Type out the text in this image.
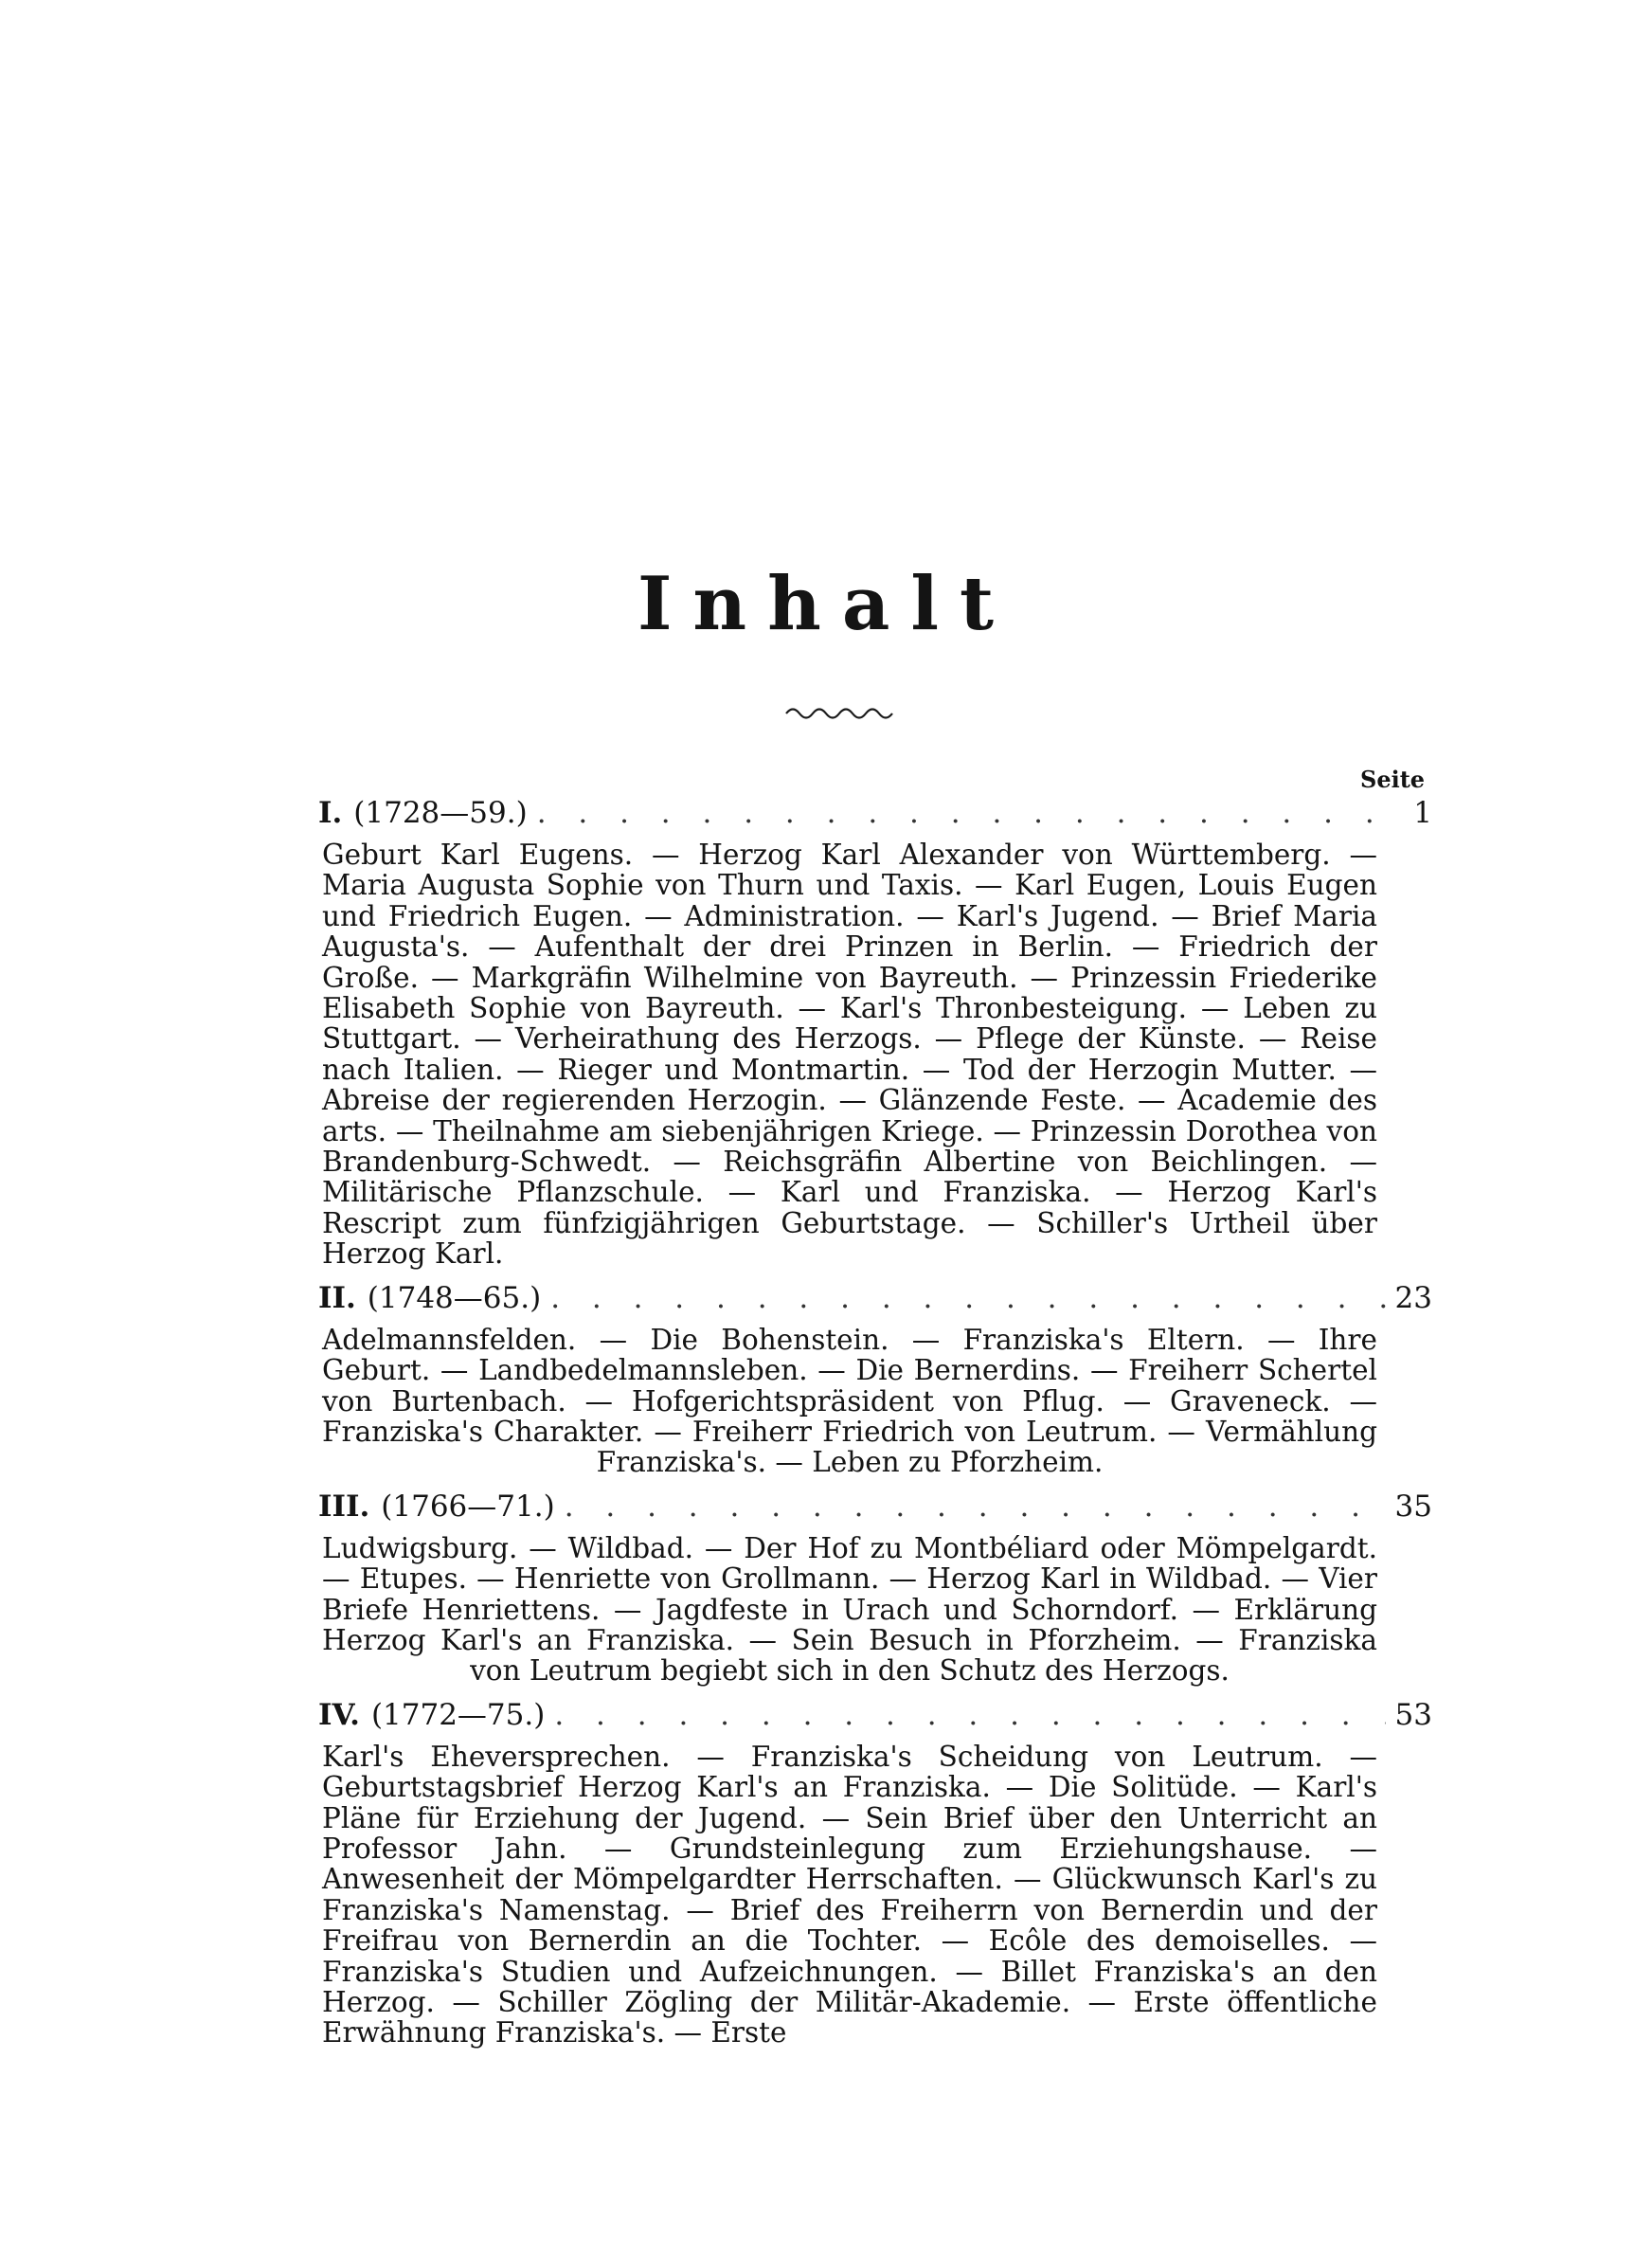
Inhalt
Seite
I. (1728—59.) . . .	1

Geburt Karl Eugens. — Herzog Karl Alexander von Württemberg. — Maria Augusta Sophie von Thurn und Taxis. — Karl Eugen, Louis Eugen und Friedrich Eugen. — Administration. — Karl's Jugend. — Brief Maria Augusta's. — Aufenthalt der drei Prinzen in Berlin. — Friedrich der Große. — Markgräfin Wilhelmine von Bayreuth. — Prinzessin Friederike Elisabeth Sophie von Bayreuth. — Karl's Thronbesteigung. — Leben zu Stuttgart. — Verheirathung des Herzogs. — Pflege der Künste. — Reise nach Italien. — Rieger und Montmartin. — Tod der Herzogin Mutter. — Abreise der regierenden Herzogin. — Glänzende Feste. — Academie des arts. — Theilnahme am siebenjährigen Kriege. — Prinzessin Dorothea von Brandenburg-Schwedt. — Reichsgräfin Albertine von Beichlingen. — Militärische Pflanzschule. — Karl und Franziska. — Herzog Karl's Rescript zum fünfzigjährigen Geburtstage. — Schiller's Urtheil über Herzog Karl.

II. (1748—65.) . . .	23

Adelmannsfelden. — Die Bohenstein. — Franziska's Eltern. — Ihre Geburt. — Landbedelmannsleben. — Die Bernerdins. — Freiherr Schertel von Burtenbach. — Hofgerichtspräsident von Pflug. — Graveneck. — Franziska's Charakter. — Freiherr Friedrich von Leutrum. — Vermählung Franziska's. — Leben zu Pforzheim.

III. (1766—71.) . . .	35

Ludwigsburg. — Wildbad. — Der Hof zu Montbéliard oder Mömpelgardt. — Etupes. — Henriette von Grollmann. — Herzog Karl in Wildbad. — Vier Briefe Henriettens. — Jagdfeste in Urach und Schorndorf. — Erklärung Herzog Karl's an Franziska. — Sein Besuch in Pforzheim. — Franziska von Leutrum begiebt sich in den Schutz des Herzogs.

IV. (1772—75.) . . .	53

Karl's Eheversprechen. — Franziska's Scheidung von Leutrum. — Geburtstagsbrief Herzog Karl's an Franziska. — Die Solitüde. — Karl's Pläne für Erziehung der Jugend. — Sein Brief über den Unterricht an Professor Jahn. — Grundsteinlegung zum Erziehungshause. — Anwesenheit der Mömpelgardter Herrschaften. — Glückwunsch Karl's zu Franziska's Namenstag. — Brief des Freiherrn von Bernerdin und der Freifrau von Bernerdin an die Tochter. — Ecôle des demoiselles. — Franziska's Studien und Aufzeichnungen. — Billet Franziska's an den Herzog. — Schiller Zögling der Militär-Akademie. — Erste öffentliche Erwähnung Franziska's. — Erste
